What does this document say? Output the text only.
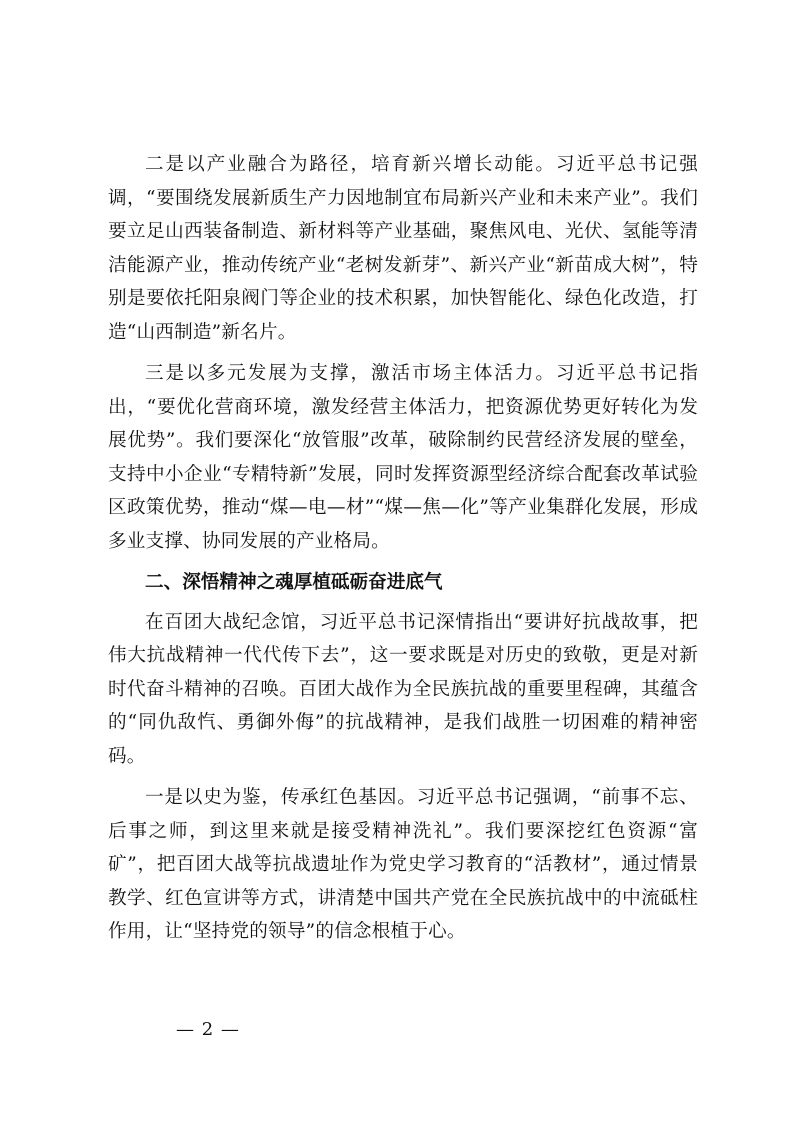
二是以产业融合为路径，培育新兴增长动能。习近平总书记强调，“要围绕发展新质生产力因地制宜布局新兴产业和未来产业”。我们要立足山西装备制造、新材料等产业基础，聚焦风电、光伏、氢能等清洁能源产业，推动传统产业“老树发新芽”、新兴产业“新苗成大树”，特别是要依托阳泉阀门等企业的技术积累，加快智能化、绿色化改造，打造“山西制造”新名片。

三是以多元发展为支撑，激活市场主体活力。习近平总书记指出，“要优化营商环境，激发经营主体活力，把资源优势更好转化为发展优势”。我们要深化“放管服”改革，破除制约民营经济发展的壁垒，支持中小企业“专精特新”发展，同时发挥资源型经济综合配套改革试验区政策优势，推动“煤—电—材”“煤—焦—化”等产业集群化发展，形成多业支撑、协同发展的产业格局。

二、深悟精神之魂厚植砥砺奋进底气

在百团大战纪念馆，习近平总书记深情指出“要讲好抗战故事，把伟大抗战精神一代代传下去”，这一要求既是对历史的致敬，更是对新时代奋斗精神的召唤。百团大战作为全民族抗战的重要里程碑，其蕴含的“同仇敌忾、勇御外侮”的抗战精神，是我们战胜一切困难的精神密码。

一是以史为鉴，传承红色基因。习近平总书记强调，“前事不忘、后事之师，到这里来就是接受精神洗礼”。我们要深挖红色资源“富矿”，把百团大战等抗战遗址作为党史学习教育的“活教材”，通过情景教学、红色宣讲等方式，讲清楚中国共产党在全民族抗战中的中流砥柱作用，让“坚持党的领导”的信念根植于心。

— 2 —
